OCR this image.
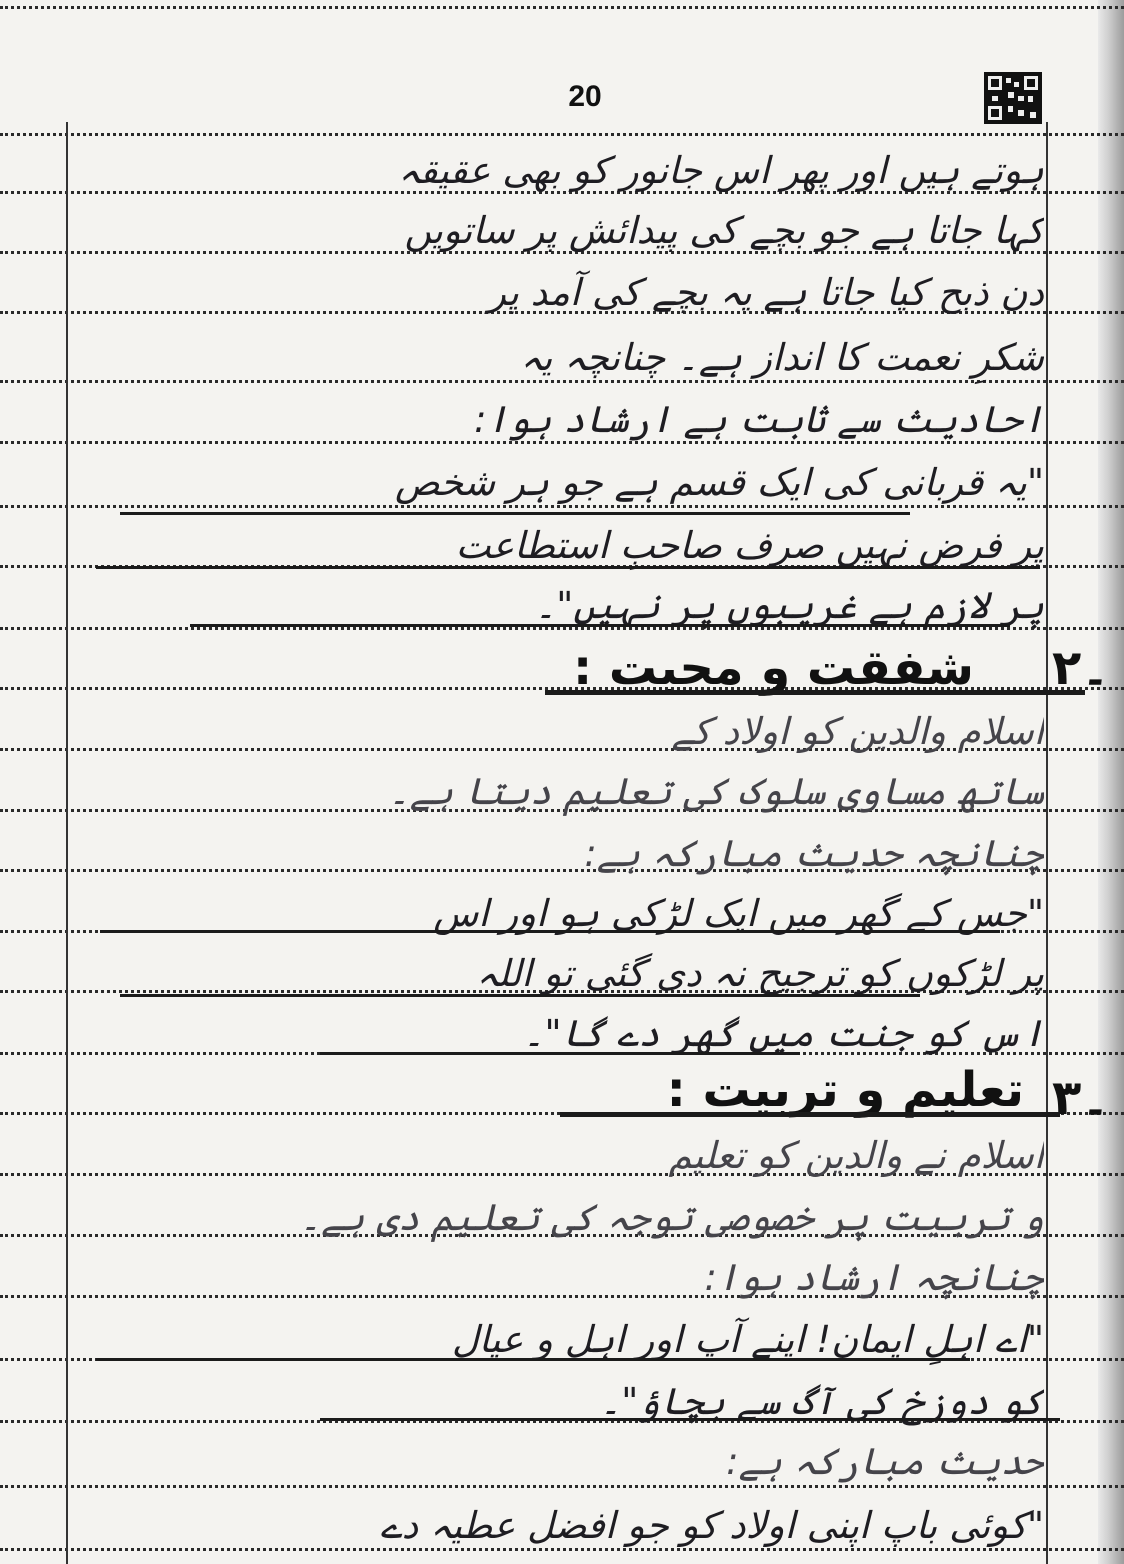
20
ہوتے ہیں اور پھر اس جانور کو بھی عقیقہ
کہا جاتا ہے جو بچے کی پیدائش پر ساتویں
دن ذبح کیا جاتا ہے یہ بچے کی آمد پر
شکرِ نعمت کا انداز ہے۔ چنانچہ یہ
احادیث سے ثابت ہے ارشاد ہوا:
"یہ قربانی کی ایک قسم ہے جو ہر شخص
پر فرض نہیں صرف صاحبِ استطاعت
پر لازم ہے غریبوں پر نہیں"۔
۲۔
شفقت و محبت :
اسلام والدین کو اولاد کے
ساتھ مساوی سلوک کی تعلیم دیتا ہے۔
چنانچہ حدیث مبارکہ ہے:
"جس کے گھر میں ایک لڑکی ہو اور اس
پر لڑکوں کو ترجیح نہ دی گئی تو اللہ
اس کو جنت میں گھر دے گا"۔
۳۔
تعلیم و تربیت :
اسلام نے والدین کو تعلیم
و تربیت پر خصوصی توجہ کی تعلیم دی ہے۔
چنانچہ ارشاد ہوا:
"اے اہلِ ایمان! اپنے آپ اور اہل و عیال
کو دوزخ کی آگ سے بچاؤ"۔
حدیث مبارکہ ہے:
"کوئی باپ اپنی اولاد کو جو افضل عطیہ دے
